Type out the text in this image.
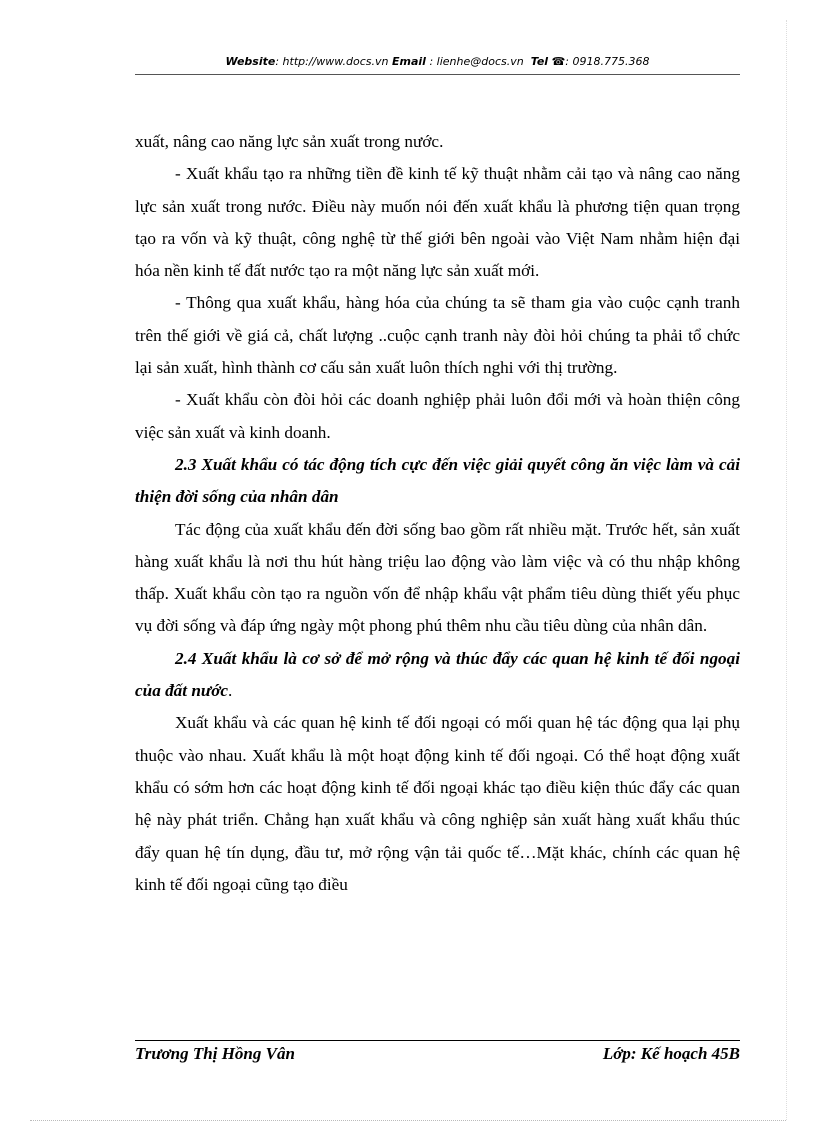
Website: http://www.docs.vn Email : lienhe@docs.vn  Tel ☎: 0918.775.368

xuất, nâng cao năng lực sản xuất trong nước.

- Xuất khẩu tạo ra những tiền đề kinh tế kỹ thuật nhằm cải tạo và nâng cao năng lực sản xuất trong nước. Điều này muốn nói đến xuất khẩu là phương tiện quan trọng tạo ra vốn và kỹ thuật, công nghệ từ thế giới bên ngoài vào Việt Nam nhằm hiện đại hóa nền kinh tế đất nước tạo ra một năng lực sản xuất mới.

- Thông qua xuất khẩu, hàng hóa của chúng ta sẽ tham gia vào cuộc cạnh tranh trên thế giới về giá cả, chất lượng ..cuộc cạnh tranh này đòi hỏi chúng ta phải tổ chức lại sản xuất, hình thành cơ cấu sản xuất luôn thích nghi với thị trường.

- Xuất khẩu còn đòi hỏi các doanh nghiệp phải luôn đổi mới và hoàn thiện công việc sản xuất và kinh doanh.

2.3 Xuất khẩu có tác động tích cực đến việc giải quyết công ăn việc làm và cải thiện đời sống của nhân dân

Tác động của xuất khẩu đến đời sống bao gồm rất nhiều mặt. Trước hết, sản xuất hàng xuất khẩu là nơi thu hút hàng triệu lao động vào làm việc và có thu nhập không thấp. Xuất khẩu còn tạo ra nguồn vốn để nhập khẩu vật phẩm tiêu dùng thiết yếu phục vụ đời sống và đáp ứng ngày một phong phú thêm nhu cầu tiêu dùng của nhân dân.

2.4 Xuất khẩu là cơ sở để mở rộng và thúc đẩy các quan hệ kinh tế đối ngoại của đất nước.

Xuất khẩu và các quan hệ kinh tế đối ngoại có mối quan hệ tác động qua lại phụ thuộc vào nhau. Xuất khẩu là một hoạt động kinh tế đối ngoại. Có thể hoạt động xuất khẩu có sớm hơn các hoạt động kinh tế đối ngoại khác tạo điều kiện thúc đẩy các quan hệ này phát triển. Chẳng hạn xuất khẩu và công nghiệp sản xuất hàng xuất khẩu thúc đẩy quan hệ tín dụng, đầu tư, mở rộng vận tải quốc tế…Mặt khác, chính các quan hệ kinh tế đối ngoại cũng tạo điều

Trương Thị Hồng Vân	Lớp: Kế hoạch 45B
